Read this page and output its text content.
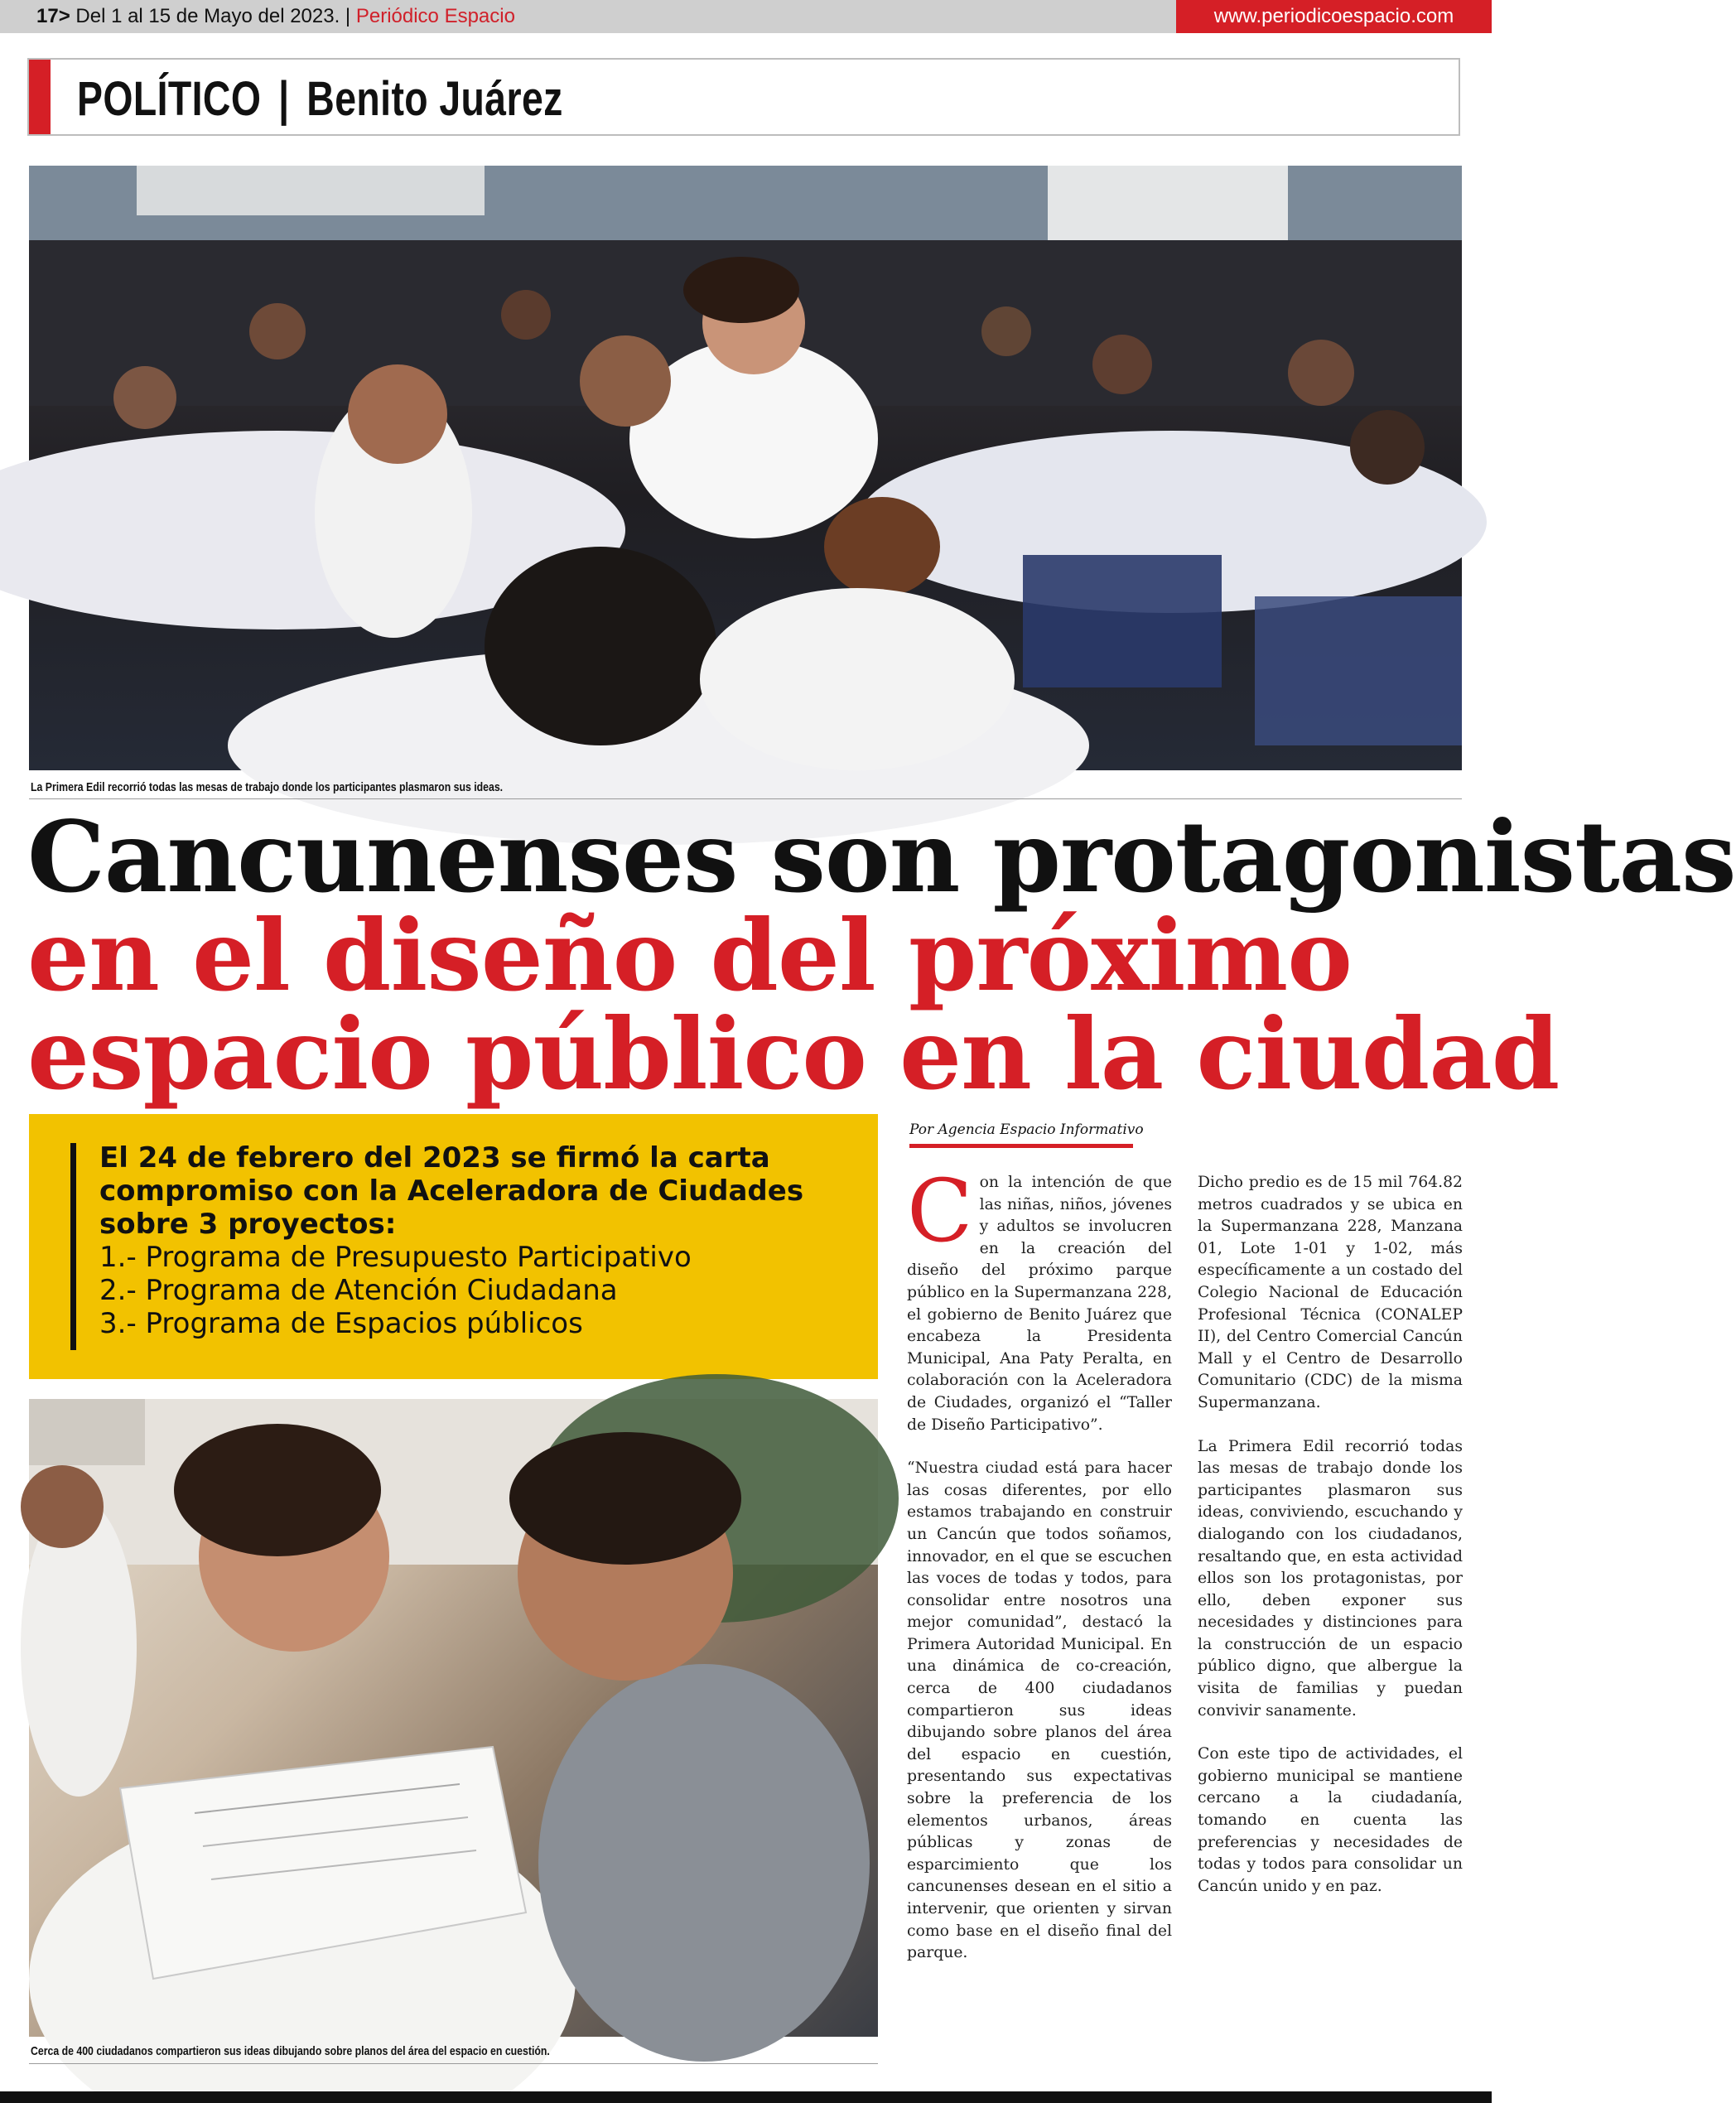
17> Del 1 al 15 de Mayo del 2023. | Periódico Espacio	www.periodicoespacio.com
POLÍTICO | Benito Juárez
La Primera Edil recorrió todas las mesas de trabajo donde los participantes plasmaron sus ideas.
Cancunenses son protagonistas
en el diseño del próximo
espacio público en la ciudad
El 24 de febrero del 2023 se firmó la carta
compromiso con la Aceleradora de Ciudades
sobre 3 proyectos:
1.- Programa de Presupuesto Participativo
2.- Programa de Atención Ciudadana
3.- Programa de Espacios públicos
Cerca de 400 ciudadanos compartieron sus ideas dibujando sobre planos del área del espacio en cuestión.
Por Agencia Espacio Informativo

Con la intención de que las niñas, niños, jóvenes y adultos se involucren en la creación del diseño del próximo parque público en la Supermanzana 228, el gobierno de Benito Juárez que encabeza la Presidenta Municipal, Ana Paty Peralta, en colaboración con la Aceleradora de Ciudades, organizó el “Taller de Diseño Participativo”.

“Nuestra ciudad está para hacer las cosas diferentes, por ello estamos trabajando en construir un Cancún que todos soñamos, innovador, en el que se escuchen las voces de todas y todos, para consolidar entre nosotros una mejor comunidad”, destacó la Primera Autoridad Municipal. En una dinámica de co-creación, cerca de 400 ciudadanos compartieron sus ideas dibujando sobre planos del área del espacio en cuestión, presentando sus expectativas sobre la preferencia de los elementos urbanos, áreas públicas y zonas de esparcimiento que los cancunenses desean en el sitio a intervenir, que orienten y sirvan como base en el diseño final del parque.

Dicho predio es de 15 mil 764.82 metros cuadrados y se ubica en la Supermanzana 228, Manzana 01, Lote 1-01 y 1-02, más específicamente a un costado del Colegio Nacional de Educación Profesional Técnica (CONALEP II), del Centro Comercial Cancún Mall y el Centro de Desarrollo Comunitario (CDC) de la misma Supermanzana.

La Primera Edil recorrió todas las mesas de trabajo donde los participantes plasmaron sus ideas, conviviendo, escuchando y dialogando con los ciudadanos, resaltando que, en esta actividad ellos son los protagonistas, por ello, deben exponer sus necesidades y distinciones para la construcción de un espacio público digno, que albergue la visita de familias y puedan convivir sanamente.

Con este tipo de actividades, el gobierno municipal se mantiene cercano a la ciudadanía, tomando en cuenta las preferencias y necesidades de todas y todos para consolidar un Cancún unido y en paz.
